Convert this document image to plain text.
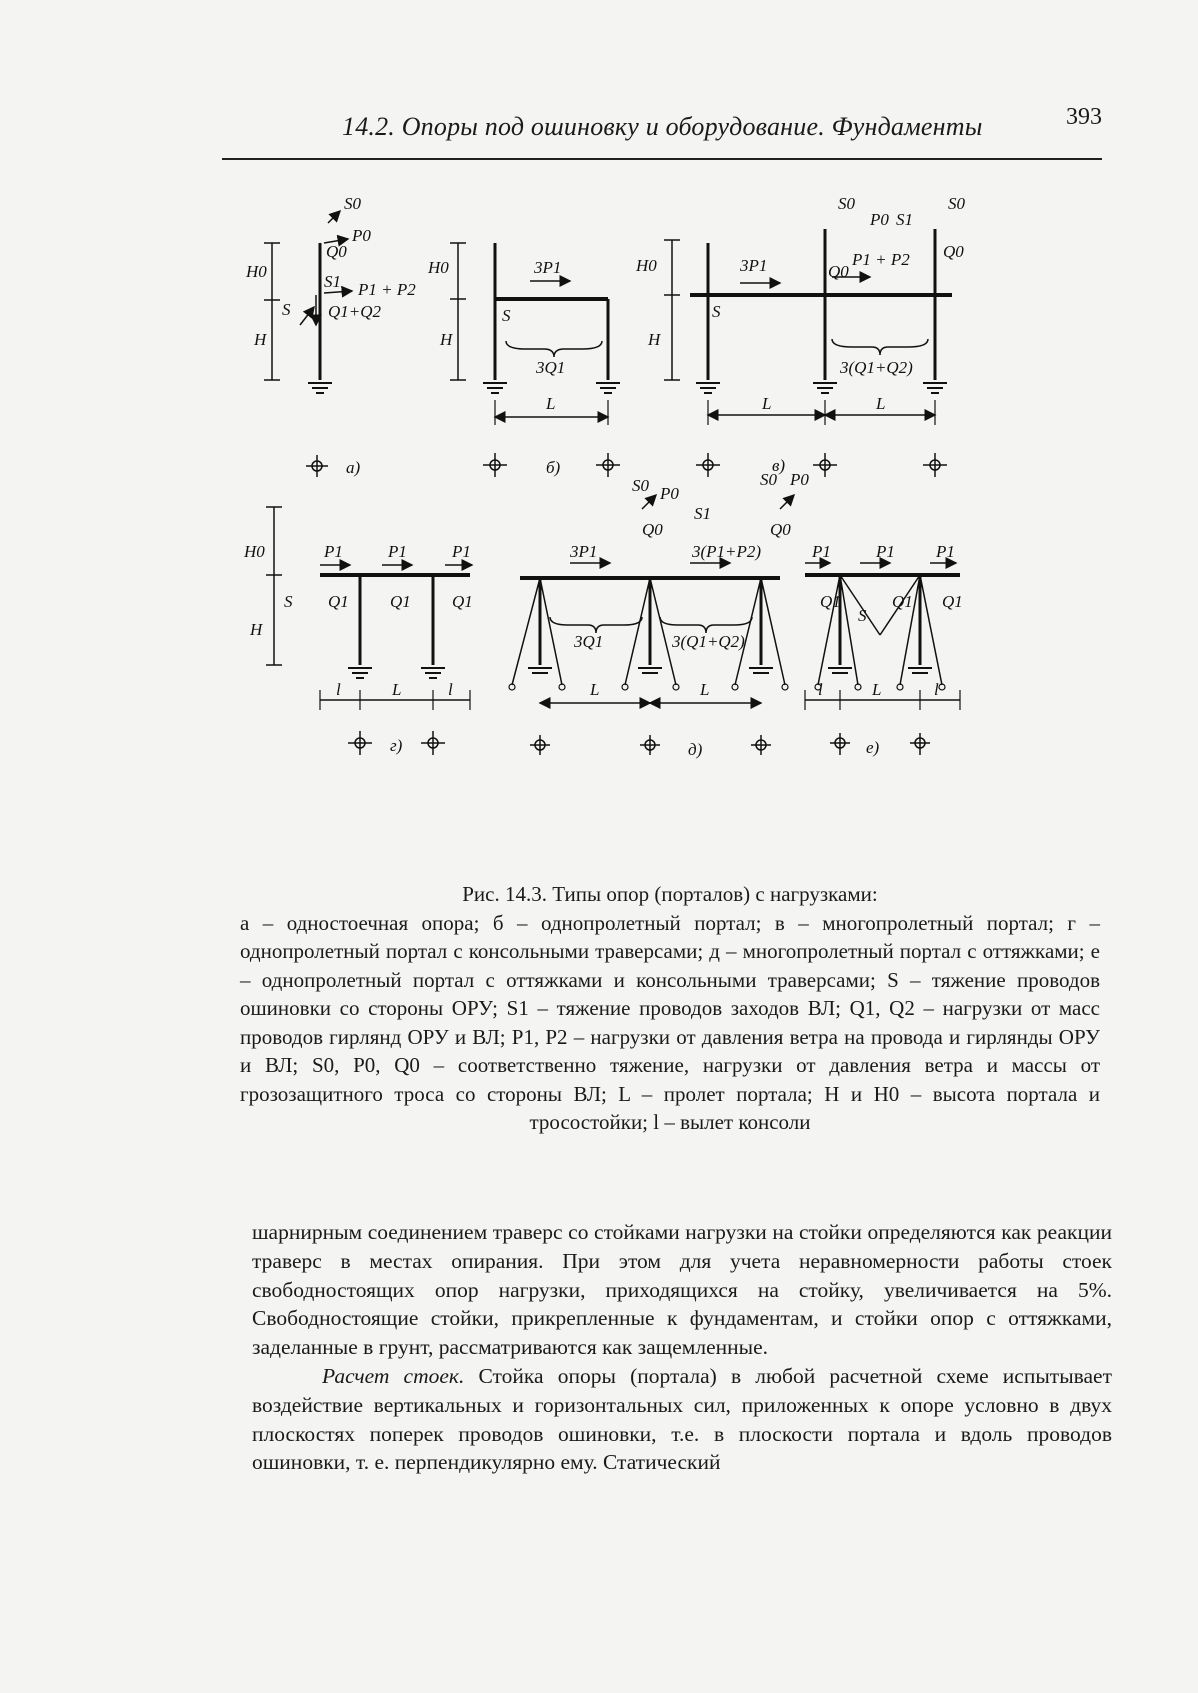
14.2. Опоры под ошиновку и оборудование. Фундаменты	393
S0
P0
Q0
H0
S1 P1 + P2
S Q1+Q2
H
а)
H0	3P1
S
H
3Q1
L
б)
S0
P0 S1
S0
Q0
H0	3P1	P1 + P2
Q0
S
H
3(Q1+Q2)
L	L
в)
H0	P1	P1	P1
S Q1 Q1 Q1
H
l	L	l
г)
S0 P0
S0 P0
Q0
S1
Q0
3P1	3(P1+P2)
3Q1	3(Q1+Q2)
L	L
д)
P1	P1 P1
Q1
S
Q1 Q1
l	L	l
е)
Рис. 14.3. Типы опор (порталов) с нагрузками:
а – одностоечная опора; б – однопролетный портал; в – многопролетный портал; г – однопролетный портал с консольными траверсами; д – многопролетный портал с оттяжками; е – однопролетный портал с оттяжками и консольными траверсами; S – тяжение проводов ошиновки со стороны ОРУ; S1 – тяжение проводов заходов ВЛ; Q1, Q2 – нагрузки от масс проводов гирлянд ОРУ и ВЛ; P1, P2 – нагрузки от давления ветра на провода и гирлянды ОРУ и ВЛ; S0, P0, Q0 – соответственно тяжение, нагрузки от давления ветра и массы от грозозащитного троса со стороны ВЛ; L – пролет портала; H и H0 – высота портала и тросостойки; l – вылет консоли

шарнирным соединением траверс со стойками нагрузки на стойки определяются как реакции траверс в местах опирания. При этом для учета неравномерности работы стоек свободностоящих опор нагрузки, приходящихся на стойку, увеличивается на 5%. Свободностоящие стойки, прикрепленные к фундаментам, и стойки опор с оттяжками, заделанные в грунт, рассматриваются как защемленные.

Расчет стоек. Стойка опоры (портала) в любой расчетной схеме испытывает воздействие вертикальных и горизонтальных сил, приложенных к опоре условно в двух плоскостях поперек проводов ошиновки, т.е. в плоскости портала и вдоль проводов ошиновки, т. е. перпендикулярно ему. Статический
